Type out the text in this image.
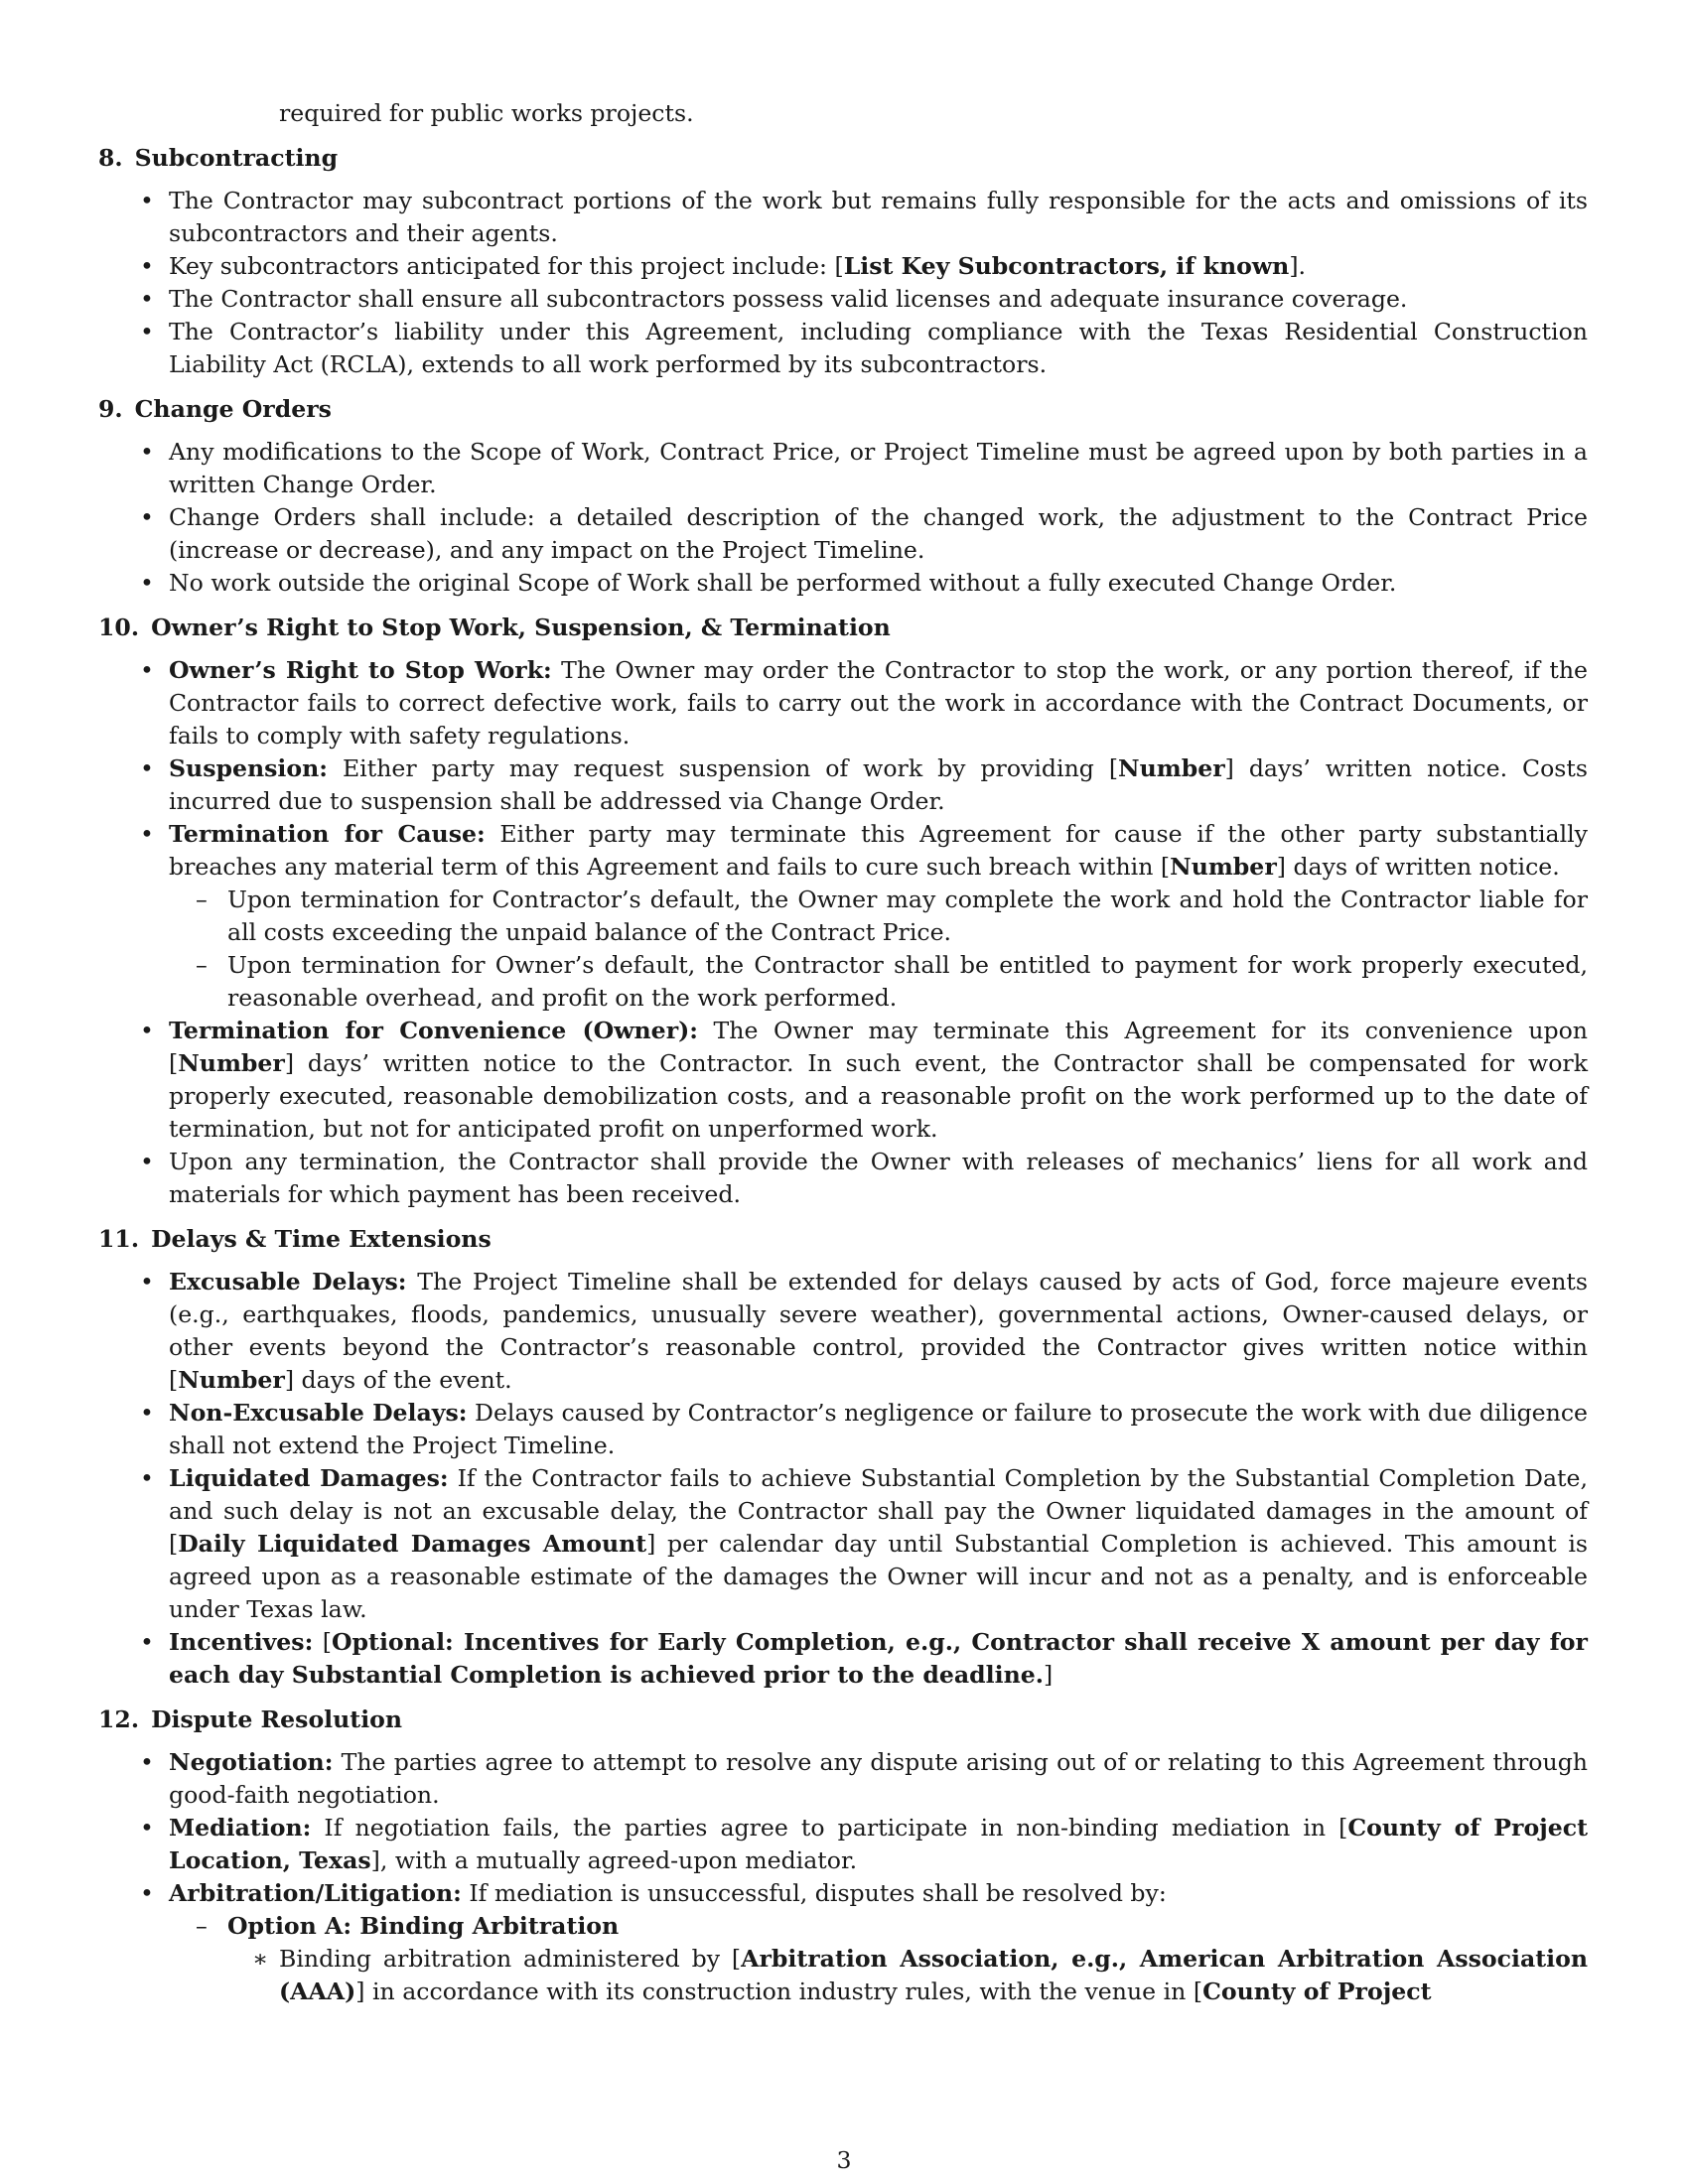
required for public works projects.

8. Subcontracting
• The Contractor may subcontract portions of the work but remains fully responsible for the acts and omissions of its subcontractors and their agents.
• Key subcontractors anticipated for this project include: [List Key Subcontractors, if known].
• The Contractor shall ensure all subcontractors possess valid licenses and adequate insurance coverage.
• The Contractor’s liability under this Agreement, including compliance with the Texas Residential Construction Liability Act (RCLA), extends to all work performed by its subcontractors.
9. Change Orders
• Any modifications to the Scope of Work, Contract Price, or Project Timeline must be agreed upon by both parties in a written Change Order.
• Change Orders shall include: a detailed description of the changed work, the adjustment to the Contract Price (increase or decrease), and any impact on the Project Timeline.
• No work outside the original Scope of Work shall be performed without a fully executed Change Order.
10. Owner’s Right to Stop Work, Suspension, & Termination
• Owner’s Right to Stop Work: The Owner may order the Contractor to stop the work, or any portion thereof, if the Contractor fails to correct defective work, fails to carry out the work in accordance with the Contract Documents, or fails to comply with safety regulations.
• Suspension: Either party may request suspension of work by providing [Number] days’ written notice. Costs incurred due to suspension shall be addressed via Change Order.
• Termination for Cause: Either party may terminate this Agreement for cause if the other party substantially breaches any material term of this Agreement and fails to cure such breach within [Number] days of written notice.
– Upon termination for Contractor’s default, the Owner may complete the work and hold the Contractor liable for all costs exceeding the unpaid balance of the Contract Price.
– Upon termination for Owner’s default, the Contractor shall be entitled to payment for work properly executed, reasonable overhead, and profit on the work performed.
• Termination for Convenience (Owner): The Owner may terminate this Agreement for its convenience upon [Number] days’ written notice to the Contractor. In such event, the Contractor shall be compensated for work properly executed, reasonable demobilization costs, and a reasonable profit on the work performed up to the date of termination, but not for anticipated profit on unperformed work.
• Upon any termination, the Contractor shall provide the Owner with releases of mechanics’ liens for all work and materials for which payment has been received.
11. Delays & Time Extensions
• Excusable Delays: The Project Timeline shall be extended for delays caused by acts of God, force majeure events (e.g., earthquakes, floods, pandemics, unusually severe weather), governmental actions, Owner-caused delays, or other events beyond the Contractor’s reasonable control, provided the Contractor gives written notice within [Number] days of the event.
• Non-Excusable Delays: Delays caused by Contractor’s negligence or failure to prosecute the work with due diligence shall not extend the Project Timeline.
• Liquidated Damages: If the Contractor fails to achieve Substantial Completion by the Substantial Completion Date, and such delay is not an excusable delay, the Contractor shall pay the Owner liquidated damages in the amount of [Daily Liquidated Damages Amount] per calendar day until Substantial Completion is achieved. This amount is agreed upon as a reasonable estimate of the damages the Owner will incur and not as a penalty, and is enforceable under Texas law.
• Incentives: [Optional: Incentives for Early Completion, e.g., Contractor shall receive X amount per day for each day Substantial Completion is achieved prior to the deadline.]
12. Dispute Resolution
• Negotiation: The parties agree to attempt to resolve any dispute arising out of or relating to this Agreement through good-faith negotiation.
• Mediation: If negotiation fails, the parties agree to participate in non-binding mediation in [County of Project Location, Texas], with a mutually agreed-upon mediator.
• Arbitration/Litigation: If mediation is unsuccessful, disputes shall be resolved by:
– Option A: Binding Arbitration
∗ Binding arbitration administered by [Arbitration Association, e.g., American Arbitration Association (AAA)] in accordance with its construction industry rules, with the venue in [County of Project
3
